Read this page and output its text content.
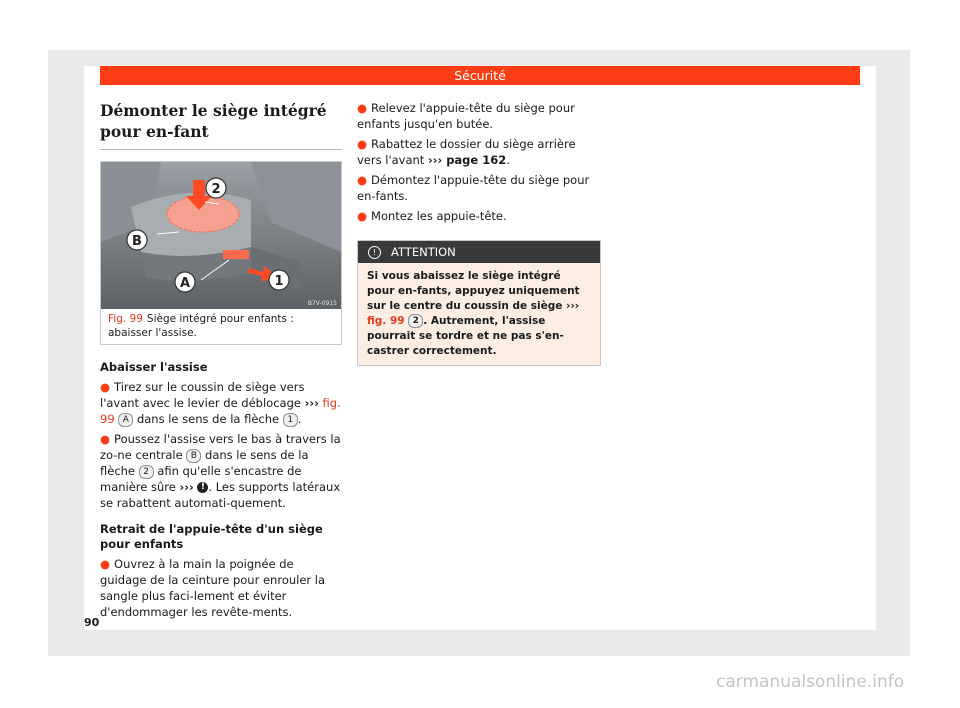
Sécurité
Démonter le siège intégré pour en-fant
2
B
A	1
B7V-0915
Fig. 99 Siège intégré pour enfants : abaisser l'assise.
Abaisser l'assise

● Tirez sur le coussin de siège vers l'avant avec le levier de déblocage ››› fig. 99 A dans le sens de la flèche 1 .

● Poussez l'assise vers le bas à travers la zo-ne centrale B dans le sens de la flèche 2 afin qu'elle s'encastre de manière sûre ››› ! . Les supports latéraux se rabattent automati-quement.

Retrait de l'appuie-tête d'un siège pour enfants

● Ouvrez à la main la poignée de guidage de la ceinture pour enrouler la sangle plus faci-lement et éviter d'endommager les revête-ments.

● Relevez l'appuie-tête du siège pour enfants jusqu'en butée.

● Rabattez le dossier du siège arrière vers l'avant ››› page 162.

● Démontez l'appuie-tête du siège pour en-fants.

● Montez les appuie-tête.

! ATTENTION
Si vous abaissez le siège intégré pour en-fants, appuyez uniquement sur le centre du coussin de siège ››› fig. 99 2 . Autrement, l'assise pourrait se tordre et ne pas s'en-castrer correctement.
90
carmanualsonline.info
